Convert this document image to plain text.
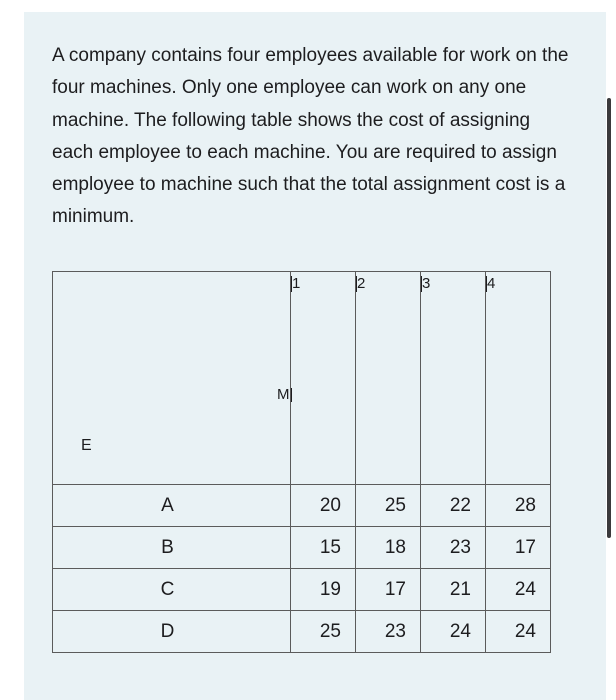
A company contains four employees available for work on the four machines. Only one employee can work on any one machine. The following table shows the cost of assigning each employee to each machine. You are required to assign employee to machine such that the total assignment cost is a minimum.

M
E	1	2	3	4

A	20	25	22	28
B	15	18	23	17
C	19	17	21	24
D	25	23	24	24
